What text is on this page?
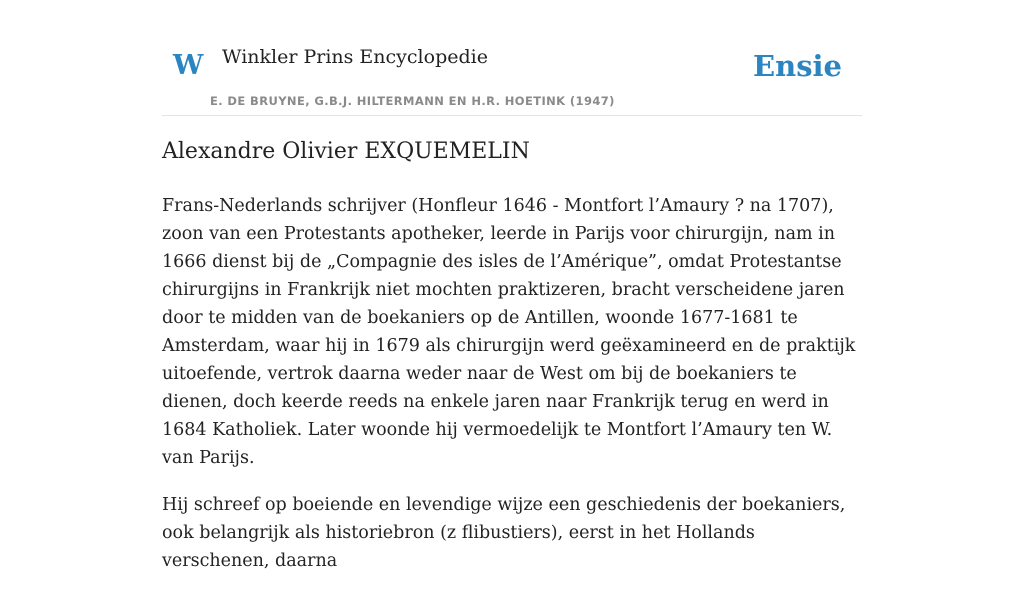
W Winkler Prins Encyclopedie
E. DE BRUYNE, G.B.J. HILTERMANN EN H.R. HOETINK (1947)
Ensie
Alexandre Olivier EXQUEMELIN

Frans-Nederlands schrijver (Honfleur 1646 - Montfort l’Amaury ? na 1707), zoon van een Protestants apotheker, leerde in Parijs voor chirurgijn, nam in 1666 dienst bij de „Compagnie des isles de l’Amérique”, omdat Protestantse chirurgijns in Frankrijk niet mochten praktizeren, bracht verscheidene jaren door te midden van de boekaniers op de Antillen, woonde 1677-1681 te Amsterdam, waar hij in 1679 als chirurgijn werd geëxamineerd en de praktijk uitoefende, vertrok daarna weder naar de West om bij de boekaniers te dienen, doch keerde reeds na enkele jaren naar Frankrijk terug en werd in 1684 Katholiek. Later woonde hij vermoedelijk te Montfort l’Amaury ten W. van Parijs.

Hij schreef op boeiende en levendige wijze een geschiedenis der boekaniers, ook belangrijk als historiebron (z flibustiers), eerst in het Hollands verschenen, daarna
